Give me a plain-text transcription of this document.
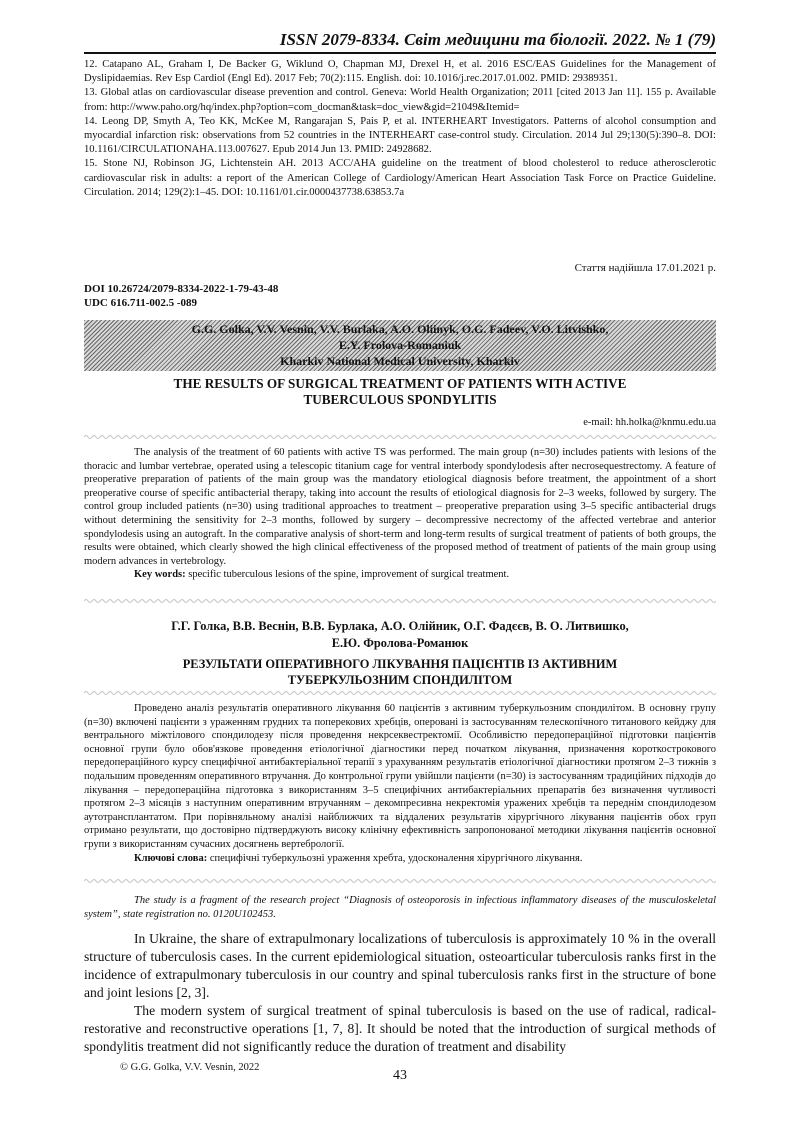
ISSN 2079-8334. Світ медицини та біології. 2022. № 1 (79)

12. Catapano AL, Graham I, De Backer G, Wiklund O, Chapman MJ, Drexel H, et al. 2016 ESC/EAS Guidelines for the Management of Dyslipidaemias. Rev Esp Cardiol (Engl Ed). 2017 Feb; 70(2):115. English. doi: 10.1016/j.rec.2017.01.002. PMID: 29389351.

13. Global atlas on cardiovascular disease prevention and control. Geneva: World Health Organization; 2011 [cited 2013 Jan 11]. 155 p. Available from: http://www.paho.org/hq/index.php?option=com_docman&task=doc_view&gid=21049&Itemid=

14. Leong DP, Smyth A, Teo KK, McKee M, Rangarajan S, Pais P, et al. INTERHEART Investigators. Patterns of alcohol consumption and myocardial infarction risk: observations from 52 countries in the INTERHEART case-control study. Circulation. 2014 Jul 29;130(5):390–8. DOI: 10.1161/CIRCULATIONAHA.113.007627. Epub 2014 Jun 13. PMID: 24928682.

15. Stone NJ, Robinson JG, Lichtenstein AH. 2013 ACC/AHA guideline on the treatment of blood cholesterol to reduce atherosclerotic cardiovascular risk in adults: a report of the American College of Cardiology/American Heart Association Task Force on Practice Guideline. Circulation. 2014; 129(2):1–45. DOI: 10.1161/01.cir.0000437738.63853.7a

Стаття надійшла 17.01.2021 р.
DOI 10.26724/2079-8334-2022-1-79-43-48
UDC 616.711-002.5 -089
G.G. Golka, V.V. Vesnin, V.V. Burlaka, A.O. Oliinyk, O.G. Fadeev, V.O. Litvishko,
E.Y. Frolova-Romaniuk
Kharkiv National Medical University, Kharkiv
THE RESULTS OF SURGICAL TREATMENT OF PATIENTS WITH ACTIVE
TUBERCULOUS SPONDYLITIS
e-mail: hh.holka@knmu.edu.ua

The analysis of the treatment of 60 patients with active TS was performed. The main group (n=30) includes patients with lesions of the thoracic and lumbar vertebrae, operated using a telescopic titanium cage for ventral interbody spondylodesis after necrosequestrectomy. A feature of preoperative preparation of patients of the main group was the mandatory etiological diagnosis before treatment, the appointment of a short preoperative course of specific antibacterial therapy, taking into account the results of etiological diagnosis for 2–3 weeks, followed by surgery. The control group included patients (n=30) using traditional approaches to treatment – preoperative preparation using 3–5 specific antibacterial drugs without determining the sensitivity for 2–3 months, followed by surgery – decompressive necrectomy of the affected vertebrae and anterior spondylodesis using an autograft. In the comparative analysis of short-term and long-term results of surgical treatment of patients of both groups, the results were obtained, which clearly showed the high clinical effectiveness of the proposed method of treatment of patients of the main group using modern advances in vertebrology.

Key words: specific tuberculous lesions of the spine, improvement of surgical treatment.

Г.Г. Голка, В.В. Веснін, В.В. Бурлака, А.О. Олійник, О.Г. Фадєєв, В. О. Литвишко,
Е.Ю. Фролова-Романюк
РЕЗУЛЬТАТИ ОПЕРАТИВНОГО ЛІКУВАННЯ ПАЦІЄНТІВ ІЗ АКТИВНИМ
ТУБЕРКУЛЬОЗНИМ СПОНДИЛІТОМ

Проведено аналіз результатів оперативного лікування 60 пацієнтів з активним туберкульозним спондилітом. В основну групу (n=30) включені пацієнти з ураженням грудних та поперекових хребців, оперовані із застосуванням телескопічного титанового кейджу для вентрального міжтілового спондилодезу після проведення некрсеквестректомії. Особливістю передопераційної підготовки пацієнтів основної групи було обов'язкове проведення етіологічної діагностики перед початком лікування, призначення короткострокового передопераційного курсу специфічної антибактеріальної терапії з урахуванням результатів етіологічної діагностики протягом 2–3 тижнів з подальшим проведенням оперативного втручання. До контрольної групи увійшли пацієнти (n=30) із застосуванням традиційних підходів до лікування – передопераційна підготовка з використанням 3–5 специфічних антибактеріальних препаратів без визначення чутливості протягом 2–3 місяців з наступним оперативним втручанням – декомпресивна некректомія уражених хребців та переднім спондилодезом аутотрансплантатом. При порівняльному аналізі найближчих та віддалених результатів хірургічного лікування пацієнтів обох груп отримано результати, що достовірно підтверджують високу клінічну ефективність запропонованої методики лікування пацієнтів основної групи з використанням сучасних досягнень вертебрології.

Ключові слова: специфічні туберкульозні ураження хребта, удосконалення хірургічного лікування.

The study is a fragment of the research project “Diagnosis of osteoporosis in infectious inflammatory diseases of the musculoskeletal system”, state registration no. 0120U102453.

In Ukraine, the share of extrapulmonary localizations of tuberculosis is approximately 10 % in the overall structure of tuberculosis cases. In the current epidemiological situation, osteoarticular tuberculosis ranks first in the incidence of extrapulmonary tuberculosis in our country and spinal tuberculosis ranks first in the structure of bone and joint lesions [2, 3].

The modern system of surgical treatment of spinal tuberculosis is based on the use of radical, radical-restorative and reconstructive operations [1, 7, 8]. It should be noted that the introduction of surgical methods of spondylitis treatment did not significantly reduce the duration of treatment and disability

© G.G. Golka, V.V. Vesnin, 2022
43
